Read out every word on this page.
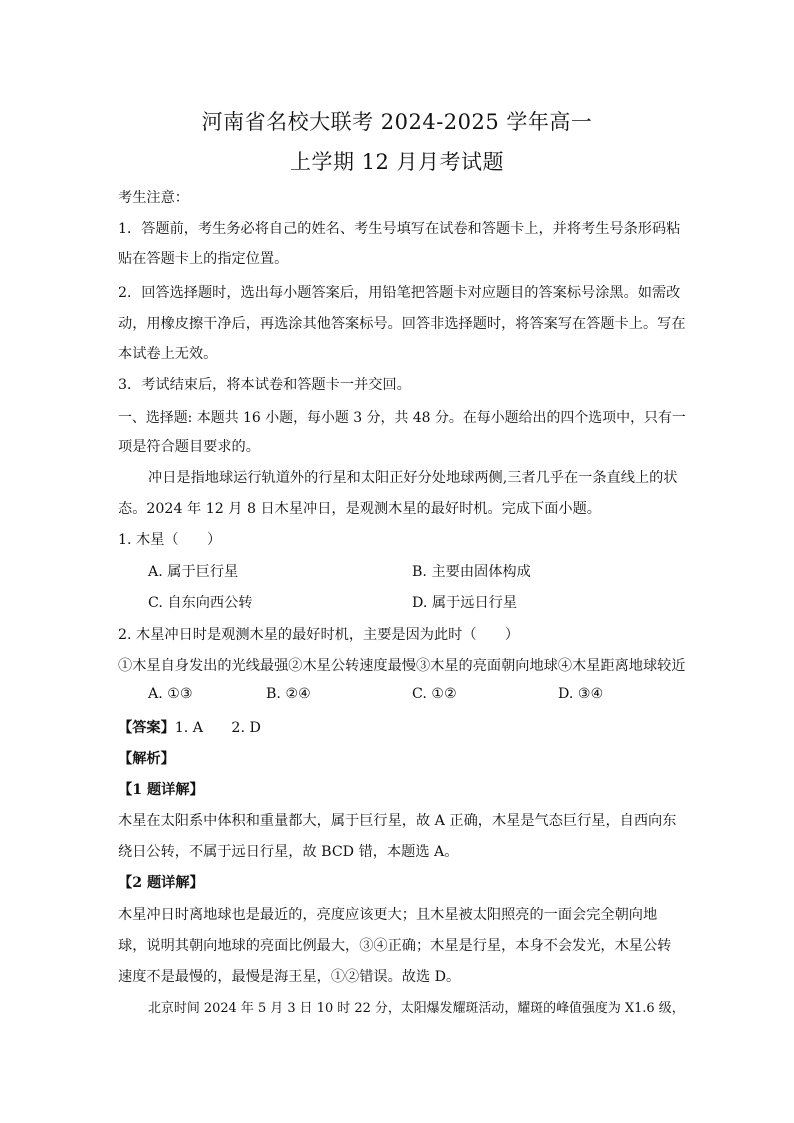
河南省名校大联考 2024-2025 学年高一
上学期 12 月月考试题
考生注意：
1．答题前，考生务必将自己的姓名、考生号填写在试卷和答题卡上，并将考生号条形码粘
贴在答题卡上的指定位置。
2．回答选择题时，选出每小题答案后，用铅笔把答题卡对应题目的答案标号涂黑。如需改
动，用橡皮擦干净后，再选涂其他答案标号。回答非选择题时，将答案写在答题卡上。写在
本试卷上无效。
3．考试结束后，将本试卷和答题卡一并交回。
一、选择题: 本题共 16 小题，每小题 3 分，共 48 分。在每小题给出的四个选项中，只有一
项是符合题目要求的。
冲日是指地球运行轨道外的行星和太阳正好分处地球两侧,三者几乎在一条直线上的状
态。2024 年 12 月 8 日木星冲日，是观测木星的最好时机。完成下面小题。
1. 木星（　　）
A. 属于巨行星	B. 主要由固体构成
C. 自东向西公转	D. 属于远日行星
2. 木星冲日时是观测木星的最好时机，主要是因为此时（　　）
①木星自身发出的光线最强②木星公转速度最慢③木星的亮面朝向地球④木星距离地球较近
A. ①③	B. ②④	C. ①②	D. ③④
【答案】1. A　　2. D
【解析】
【1 题详解】
木星在太阳系中体积和重量都大，属于巨行星，故 A 正确，木星是气态巨行星，自西向东
绕日公转，不属于远日行星，故 BCD 错，本题选 A。
【2 题详解】
木星冲日时离地球也是最近的，亮度应该更大；且木星被太阳照亮的一面会完全朝向地
球，说明其朝向地球的亮面比例最大，③④正确；木星是行星，本身不会发光，木星公转
速度不是最慢的，最慢是海王星，①②错误。故选 D。
北京时间 2024 年 5 月 3 日 10 时 22 分，太阳爆发耀斑活动，耀斑的峰值强度为 X1.6 级，
